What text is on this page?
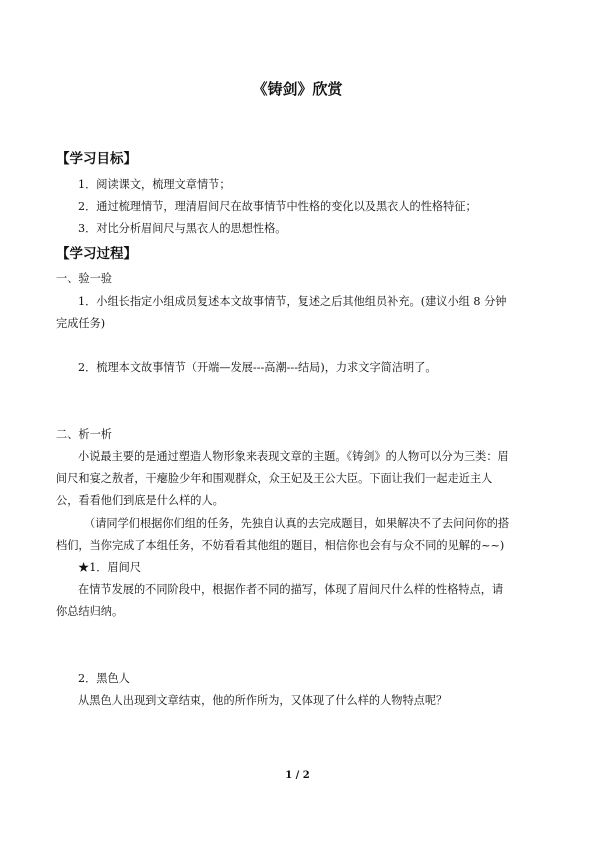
《铸剑》欣赏
【学习目标】
1．阅读课文，梳理文章情节；
2．通过梳理情节，理清眉间尺在故事情节中性格的变化以及黑衣人的性格特征；
3．对比分析眉间尺与黑衣人的思想性格。
【学习过程】
一、验一验
1．小组长指定小组成员复述本文故事情节，复述之后其他组员补充。(建议小组 8 分钟
完成任务)
2．梳理本文故事情节（开端—发展---高潮---结局)，力求文字简洁明了。
二、析一析
小说最主要的是通过塑造人物形象来表现文章的主题。《铸剑》的人物可以分为三类：眉
间尺和宴之敖者，干瘪脸少年和围观群众，众王妃及王公大臣。下面让我们一起走近主人
公，看看他们到底是什么样的人。
（请同学们根据你们组的任务，先独自认真的去完成题目，如果解决不了去问问你的搭
档们，当你完成了本组任务，不妨看看其他组的题目，相信你也会有与众不同的见解的~~)
★1．眉间尺
在情节发展的不同阶段中，根据作者不同的描写，体现了眉间尺什么样的性格特点，请
你总结归纳。
2．黑色人
从黑色人出现到文章结束，他的所作所为，又体现了什么样的人物特点呢？
1 / 2
